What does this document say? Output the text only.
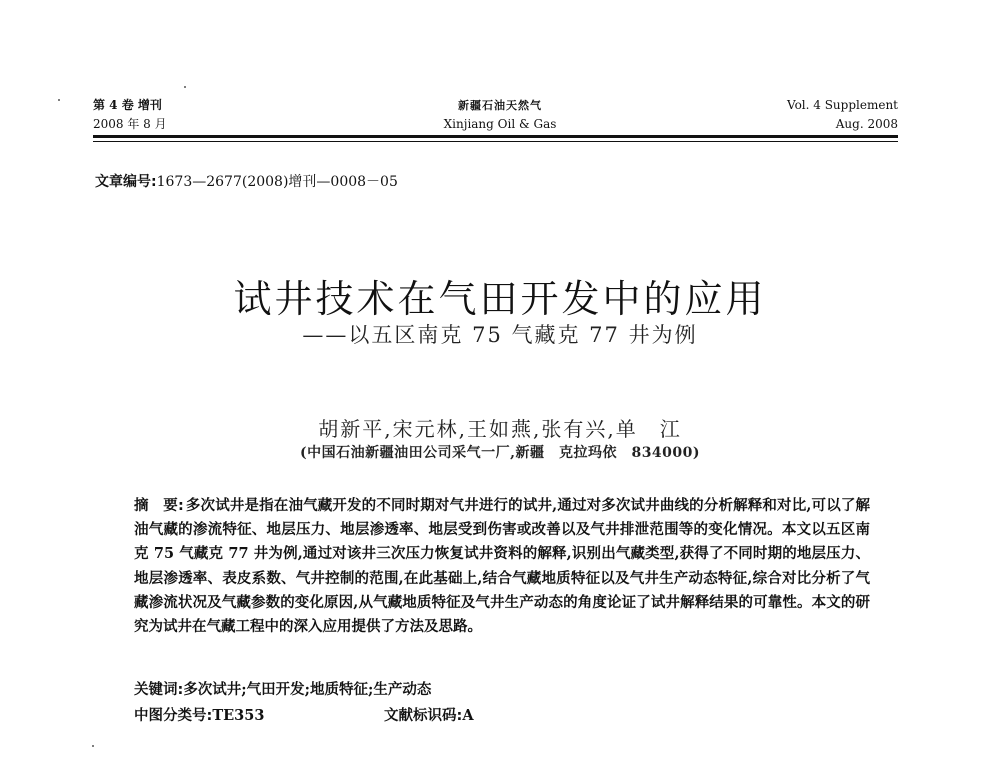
第 4 卷 增刊
2008 年 8 月
新疆石油天然气
Xinjiang Oil & Gas
Vol. 4 Supplement
Aug. 2008
文章编号:1673—2677(2008)增刊—0008－05
试井技术在气田开发中的应用
——以五区南克 75 气藏克 77 井为例
胡新平,宋元林,王如燕,张有兴,单　江
(中国石油新疆油田公司采气一厂,新疆　克拉玛依　834000)
摘　要: 多次试井是指在油气藏开发的不同时期对气井进行的试井,通过对多次试井曲线的分析解释和对比,可以了解油气藏的渗流特征、地层压力、地层渗透率、地层受到伤害或改善以及气井排泄范围等的变化情况。本文以五区南克 75 气藏克 77 井为例,通过对该井三次压力恢复试井资料的解释,识别出气藏类型,获得了不同时期的地层压力、地层渗透率、表皮系数、气井控制的范围,在此基础上,结合气藏地质特征以及气井生产动态特征,综合对比分析了气藏渗流状况及气藏参数的变化原因,从气藏地质特征及气井生产动态的角度论证了试井解释结果的可靠性。本文的研究为试井在气藏工程中的深入应用提供了方法及思路。
关键词:多次试井;气田开发;地质特征;生产动态
中图分类号:TE353	文献标识码:A
